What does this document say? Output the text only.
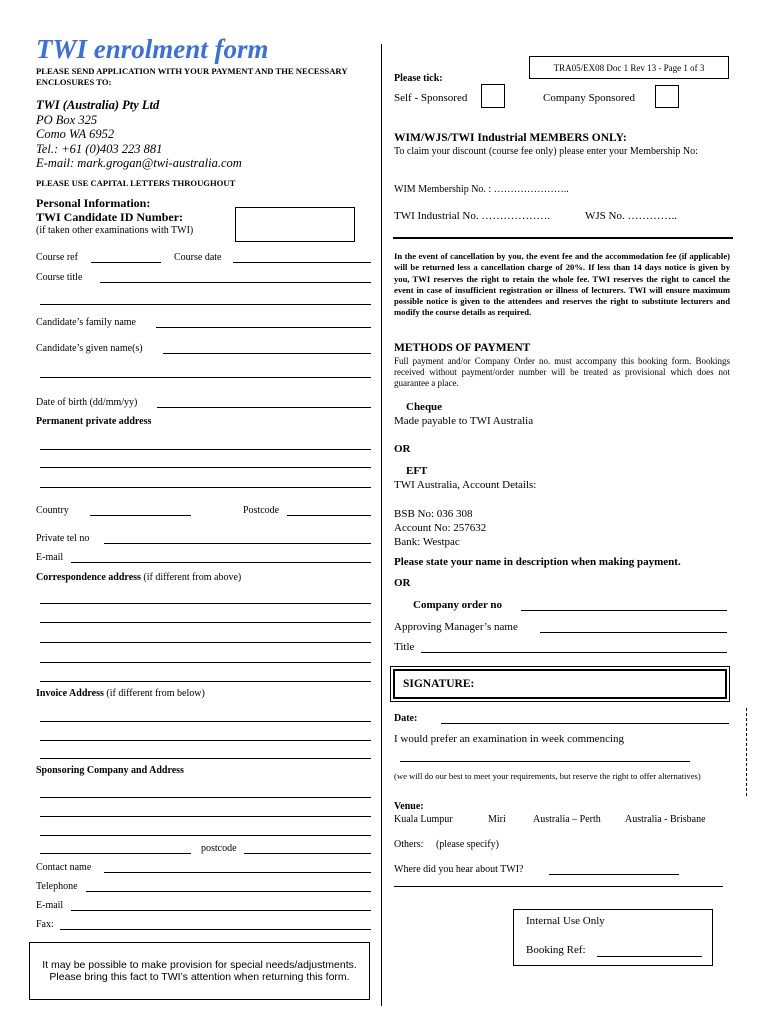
TWI enrolment form
PLEASE SEND APPLICATION WITH YOUR PAYMENT AND THE NECESSARY ENCLOSURES TO:
TWI (Australia) Pty Ltd
PO Box 325
Como WA 6952
Tel.: +61 (0)403 223 881
E-mail: mark.grogan@twi-australia.com
PLEASE USE CAPITAL LETTERS THROUGHOUT
Personal Information:
TWI Candidate ID Number:
(if taken other examinations with TWI)
Course ref	Course date
Course title
Candidate’s family name
Candidate’s given name(s)
Date of birth (dd/mm/yy)
Permanent private address
Country	Postcode
Private tel no
E-mail
Correspondence address (if different from above)
Invoice Address (if different from below)
Sponsoring Company and Address
postcode
Contact name
Telephone
E-mail
Fax:
It may be possible to make provision for special needs/adjustments. Please bring this fact to TWI’s attention when returning this form.
TRA05/EX08 Doc 1 Rev 13 - Page 1 of 3
Please tick:
Self - Sponsored	Company Sponsored
WIM/WJS/TWI Industrial MEMBERS ONLY:
To claim your discount (course fee only) please enter your Membership No:
WIM Membership No. : …………………..
TWI Industrial No. ……………….	WJS No. …………..
In the event of cancellation by you, the event fee and the accommodation fee (if applicable) will be returned less a cancellation charge of 20%. If less than 14 days notice is given by you, TWI reserves the right to retain the whole fee. TWI reserves the right to cancel the event in case of insufficient registration or illness of lecturers. TWI will ensure maximum possible notice is given to the attendees and reserves the right to substitute lecturers and modify the course details as required.
METHODS OF PAYMENT
Full payment and/or Company Order no. must accompany this booking form. Bookings received without payment/order number will be treated as provisional which does not guarantee a place.
Cheque
Made payable to TWI Australia
OR
EFT
TWI Australia, Account Details:
BSB No: 036 308
Account No: 257632
Bank: Westpac
Please state your name in description when making payment.
OR
Company order no
Approving Manager’s name
Title
SIGNATURE:
Date:
I would prefer an examination in week commencing
(we will do our best to meet your requirements, but reserve the right to offer alternatives)
Venue:
Kuala Lumpur	Miri	Australia – Perth Australia - Brisbane
Others:     (please specify)
Where did you hear about TWI?
Internal Use Only
Booking Ref:
